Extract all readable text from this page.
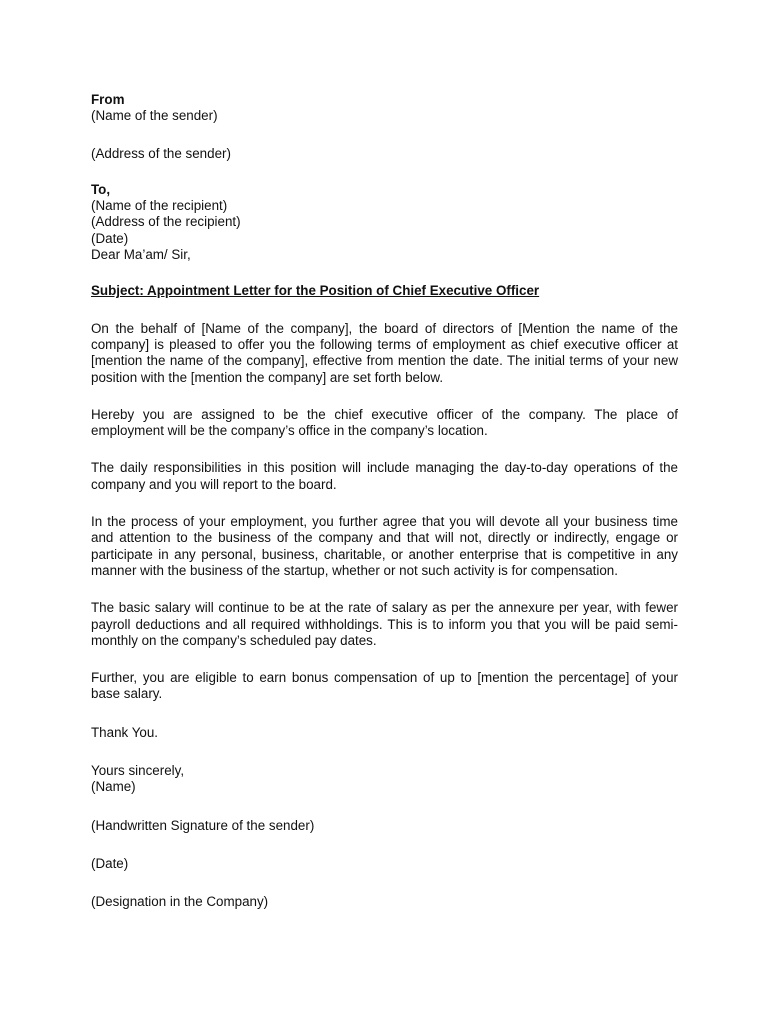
From
(Name of the sender)
(Address of the sender)
To,
(Name of the recipient)
(Address of the recipient)
(Date)
Dear Ma’am/ Sir,
Subject: Appointment Letter for the Position of Chief Executive Officer
On the behalf of [Name of the company], the board of directors of [Mention the name of the company] is pleased to offer you the following terms of employment as chief executive officer at [mention the name of the company], effective from mention the date. The initial terms of your new position with the [mention the company] are set forth below.
Hereby you are assigned to be the chief executive officer of the company. The place of employment will be the company’s office in the company’s location.
The daily responsibilities in this position will include managing the day-to-day operations of the company and you will report to the board.
In the process of your employment, you further agree that you will devote all your business time and attention to the business of the company and that will not, directly or indirectly, engage or participate in any personal, business, charitable, or another enterprise that is competitive in any manner with the business of the startup, whether or not such activity is for compensation.
The basic salary will continue to be at the rate of salary as per the annexure per year, with fewer payroll deductions and all required withholdings. This is to inform you that you will be paid semi-monthly on the company’s scheduled pay dates.
Further, you are eligible to earn bonus compensation of up to [mention the percentage] of your base salary.
Thank You.
Yours sincerely,
(Name)
(Handwritten Signature of the sender)
(Date)
(Designation in the Company)
